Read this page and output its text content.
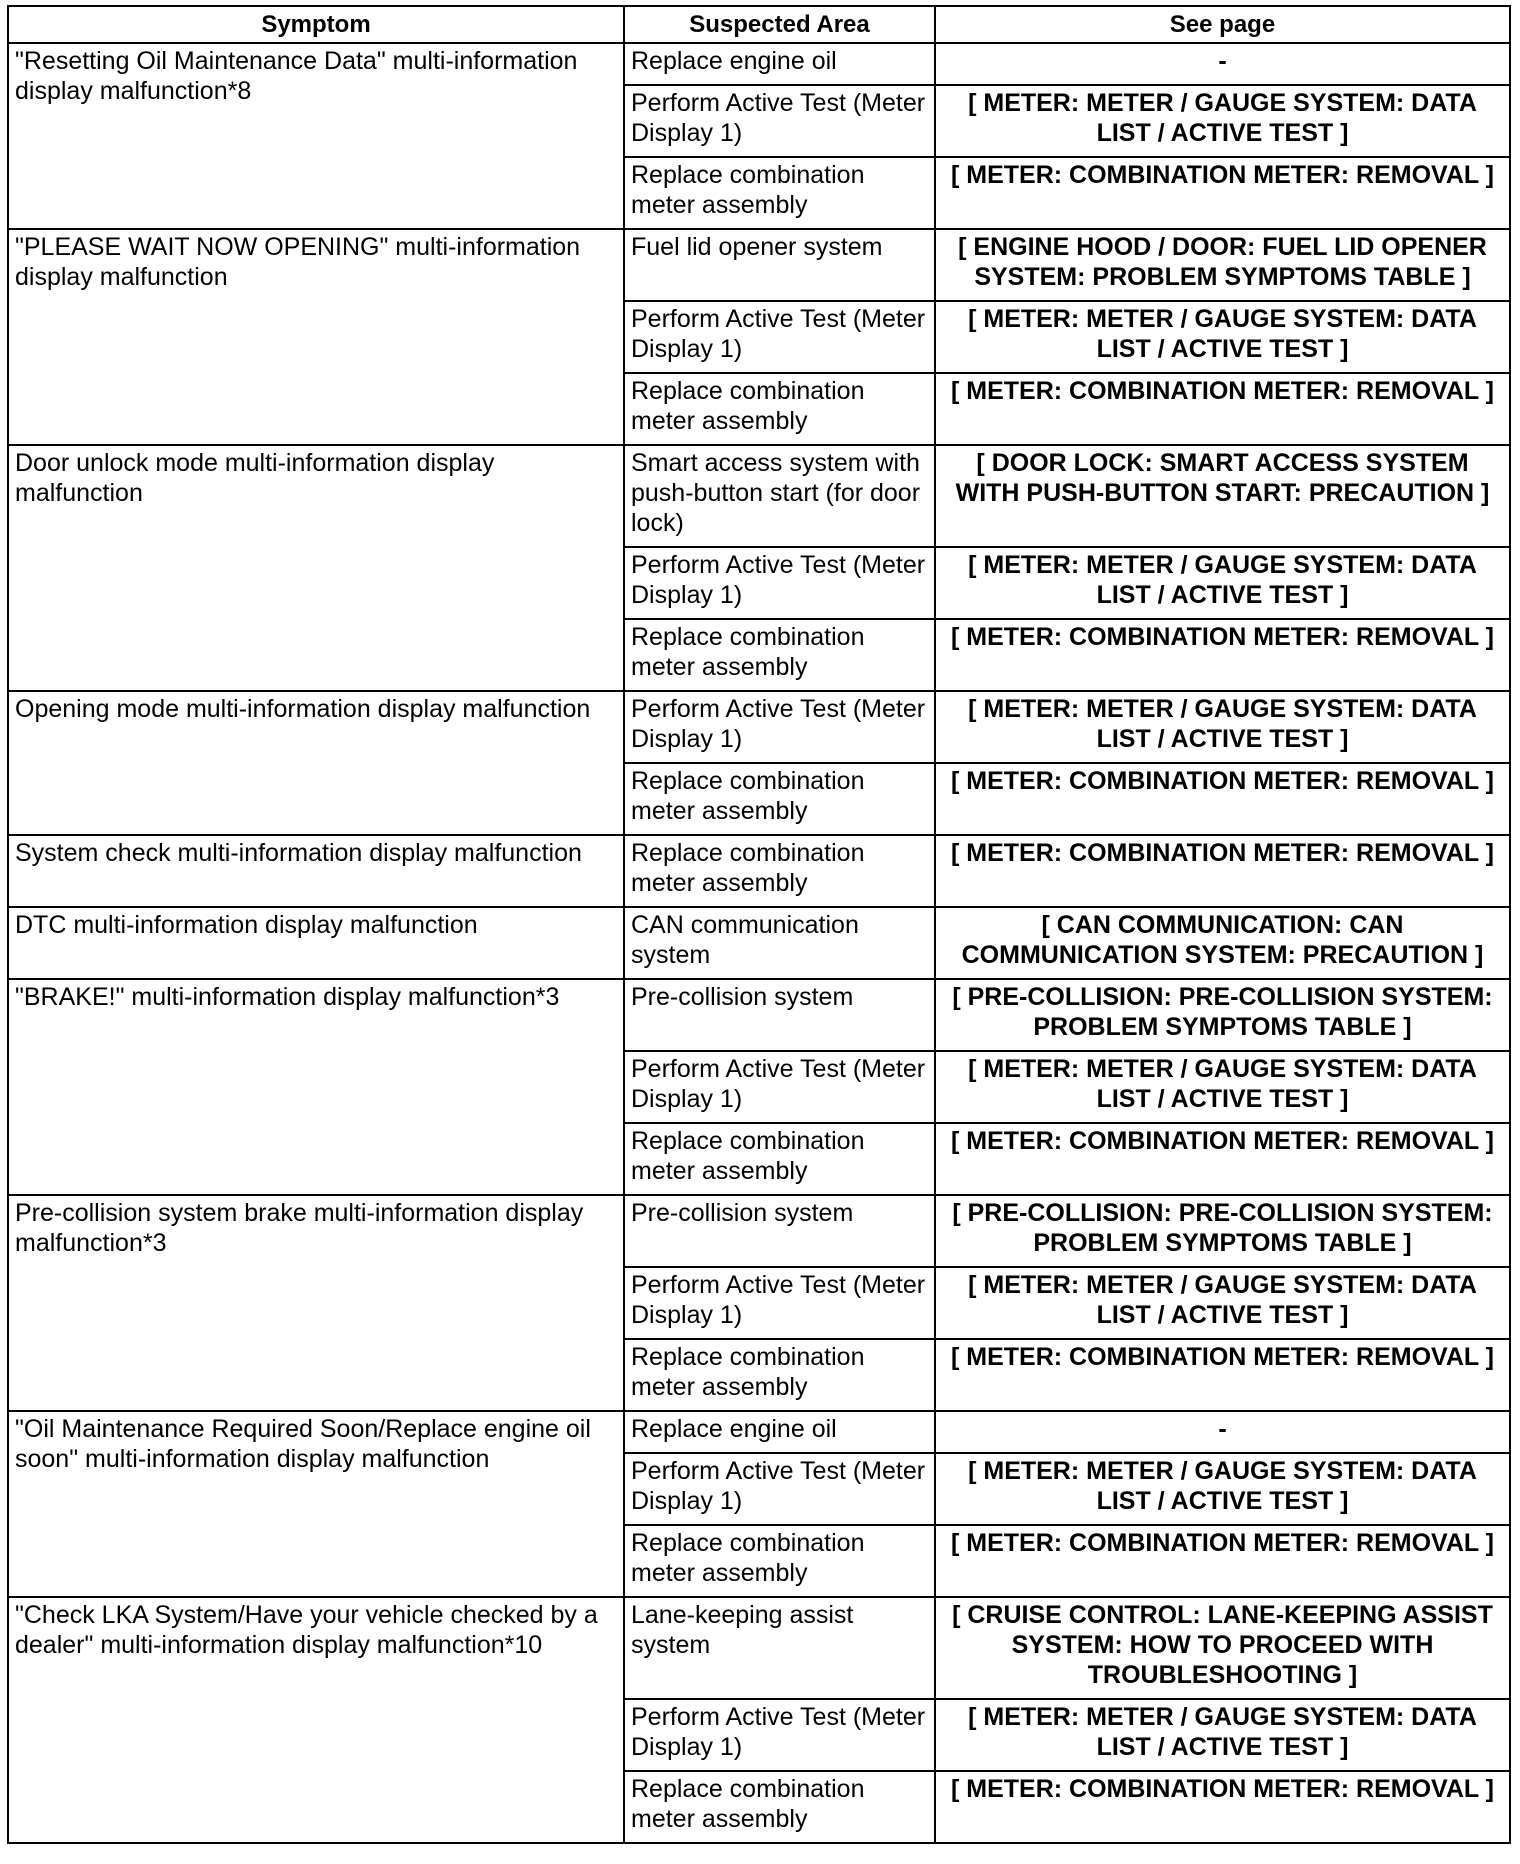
Symptom	Suspected Area	See page
"Resetting Oil Maintenance Data" multi-information display malfunction*8	Replace engine oil	-
	Perform Active Test (Meter Display 1)	[ METER: METER / GAUGE SYSTEM: DATA LIST / ACTIVE TEST ]
	Replace combination meter assembly	[ METER: COMBINATION METER: REMOVAL ]
"PLEASE WAIT NOW OPENING" multi-information display malfunction	Fuel lid opener system	[ ENGINE HOOD / DOOR: FUEL LID OPENER SYSTEM: PROBLEM SYMPTOMS TABLE ]
	Perform Active Test (Meter Display 1)	[ METER: METER / GAUGE SYSTEM: DATA LIST / ACTIVE TEST ]
	Replace combination meter assembly	[ METER: COMBINATION METER: REMOVAL ]
Door unlock mode multi-information display malfunction	Smart access system with push-button start (for door lock)	[ DOOR LOCK: SMART ACCESS SYSTEM WITH PUSH-BUTTON START: PRECAUTION ]
	Perform Active Test (Meter Display 1)	[ METER: METER / GAUGE SYSTEM: DATA LIST / ACTIVE TEST ]
	Replace combination meter assembly	[ METER: COMBINATION METER: REMOVAL ]
Opening mode multi-information display malfunction	Perform Active Test (Meter Display 1)	[ METER: METER / GAUGE SYSTEM: DATA LIST / ACTIVE TEST ]
	Replace combination meter assembly	[ METER: COMBINATION METER: REMOVAL ]
System check multi-information display malfunction	Replace combination meter assembly	[ METER: COMBINATION METER: REMOVAL ]
DTC multi-information display malfunction	CAN communication system	[ CAN COMMUNICATION: CAN COMMUNICATION SYSTEM: PRECAUTION ]
"BRAKE!" multi-information display malfunction*3	Pre-collision system	[ PRE-COLLISION: PRE-COLLISION SYSTEM: PROBLEM SYMPTOMS TABLE ]
	Perform Active Test (Meter Display 1)	[ METER: METER / GAUGE SYSTEM: DATA LIST / ACTIVE TEST ]
	Replace combination meter assembly	[ METER: COMBINATION METER: REMOVAL ]
Pre-collision system brake multi-information display malfunction*3	Pre-collision system	[ PRE-COLLISION: PRE-COLLISION SYSTEM: PROBLEM SYMPTOMS TABLE ]
	Perform Active Test (Meter Display 1)	[ METER: METER / GAUGE SYSTEM: DATA LIST / ACTIVE TEST ]
	Replace combination meter assembly	[ METER: COMBINATION METER: REMOVAL ]
"Oil Maintenance Required Soon/Replace engine oil soon" multi-information display malfunction	Replace engine oil	-
	Perform Active Test (Meter Display 1)	[ METER: METER / GAUGE SYSTEM: DATA LIST / ACTIVE TEST ]
	Replace combination meter assembly	[ METER: COMBINATION METER: REMOVAL ]
"Check LKA System/Have your vehicle checked by a dealer" multi-information display malfunction*10	Lane-keeping assist system	[ CRUISE CONTROL: LANE-KEEPING ASSIST SYSTEM: HOW TO PROCEED WITH TROUBLESHOOTING ]
	Perform Active Test (Meter Display 1)	[ METER: METER / GAUGE SYSTEM: DATA LIST / ACTIVE TEST ]
	Replace combination meter assembly	[ METER: COMBINATION METER: REMOVAL ]
